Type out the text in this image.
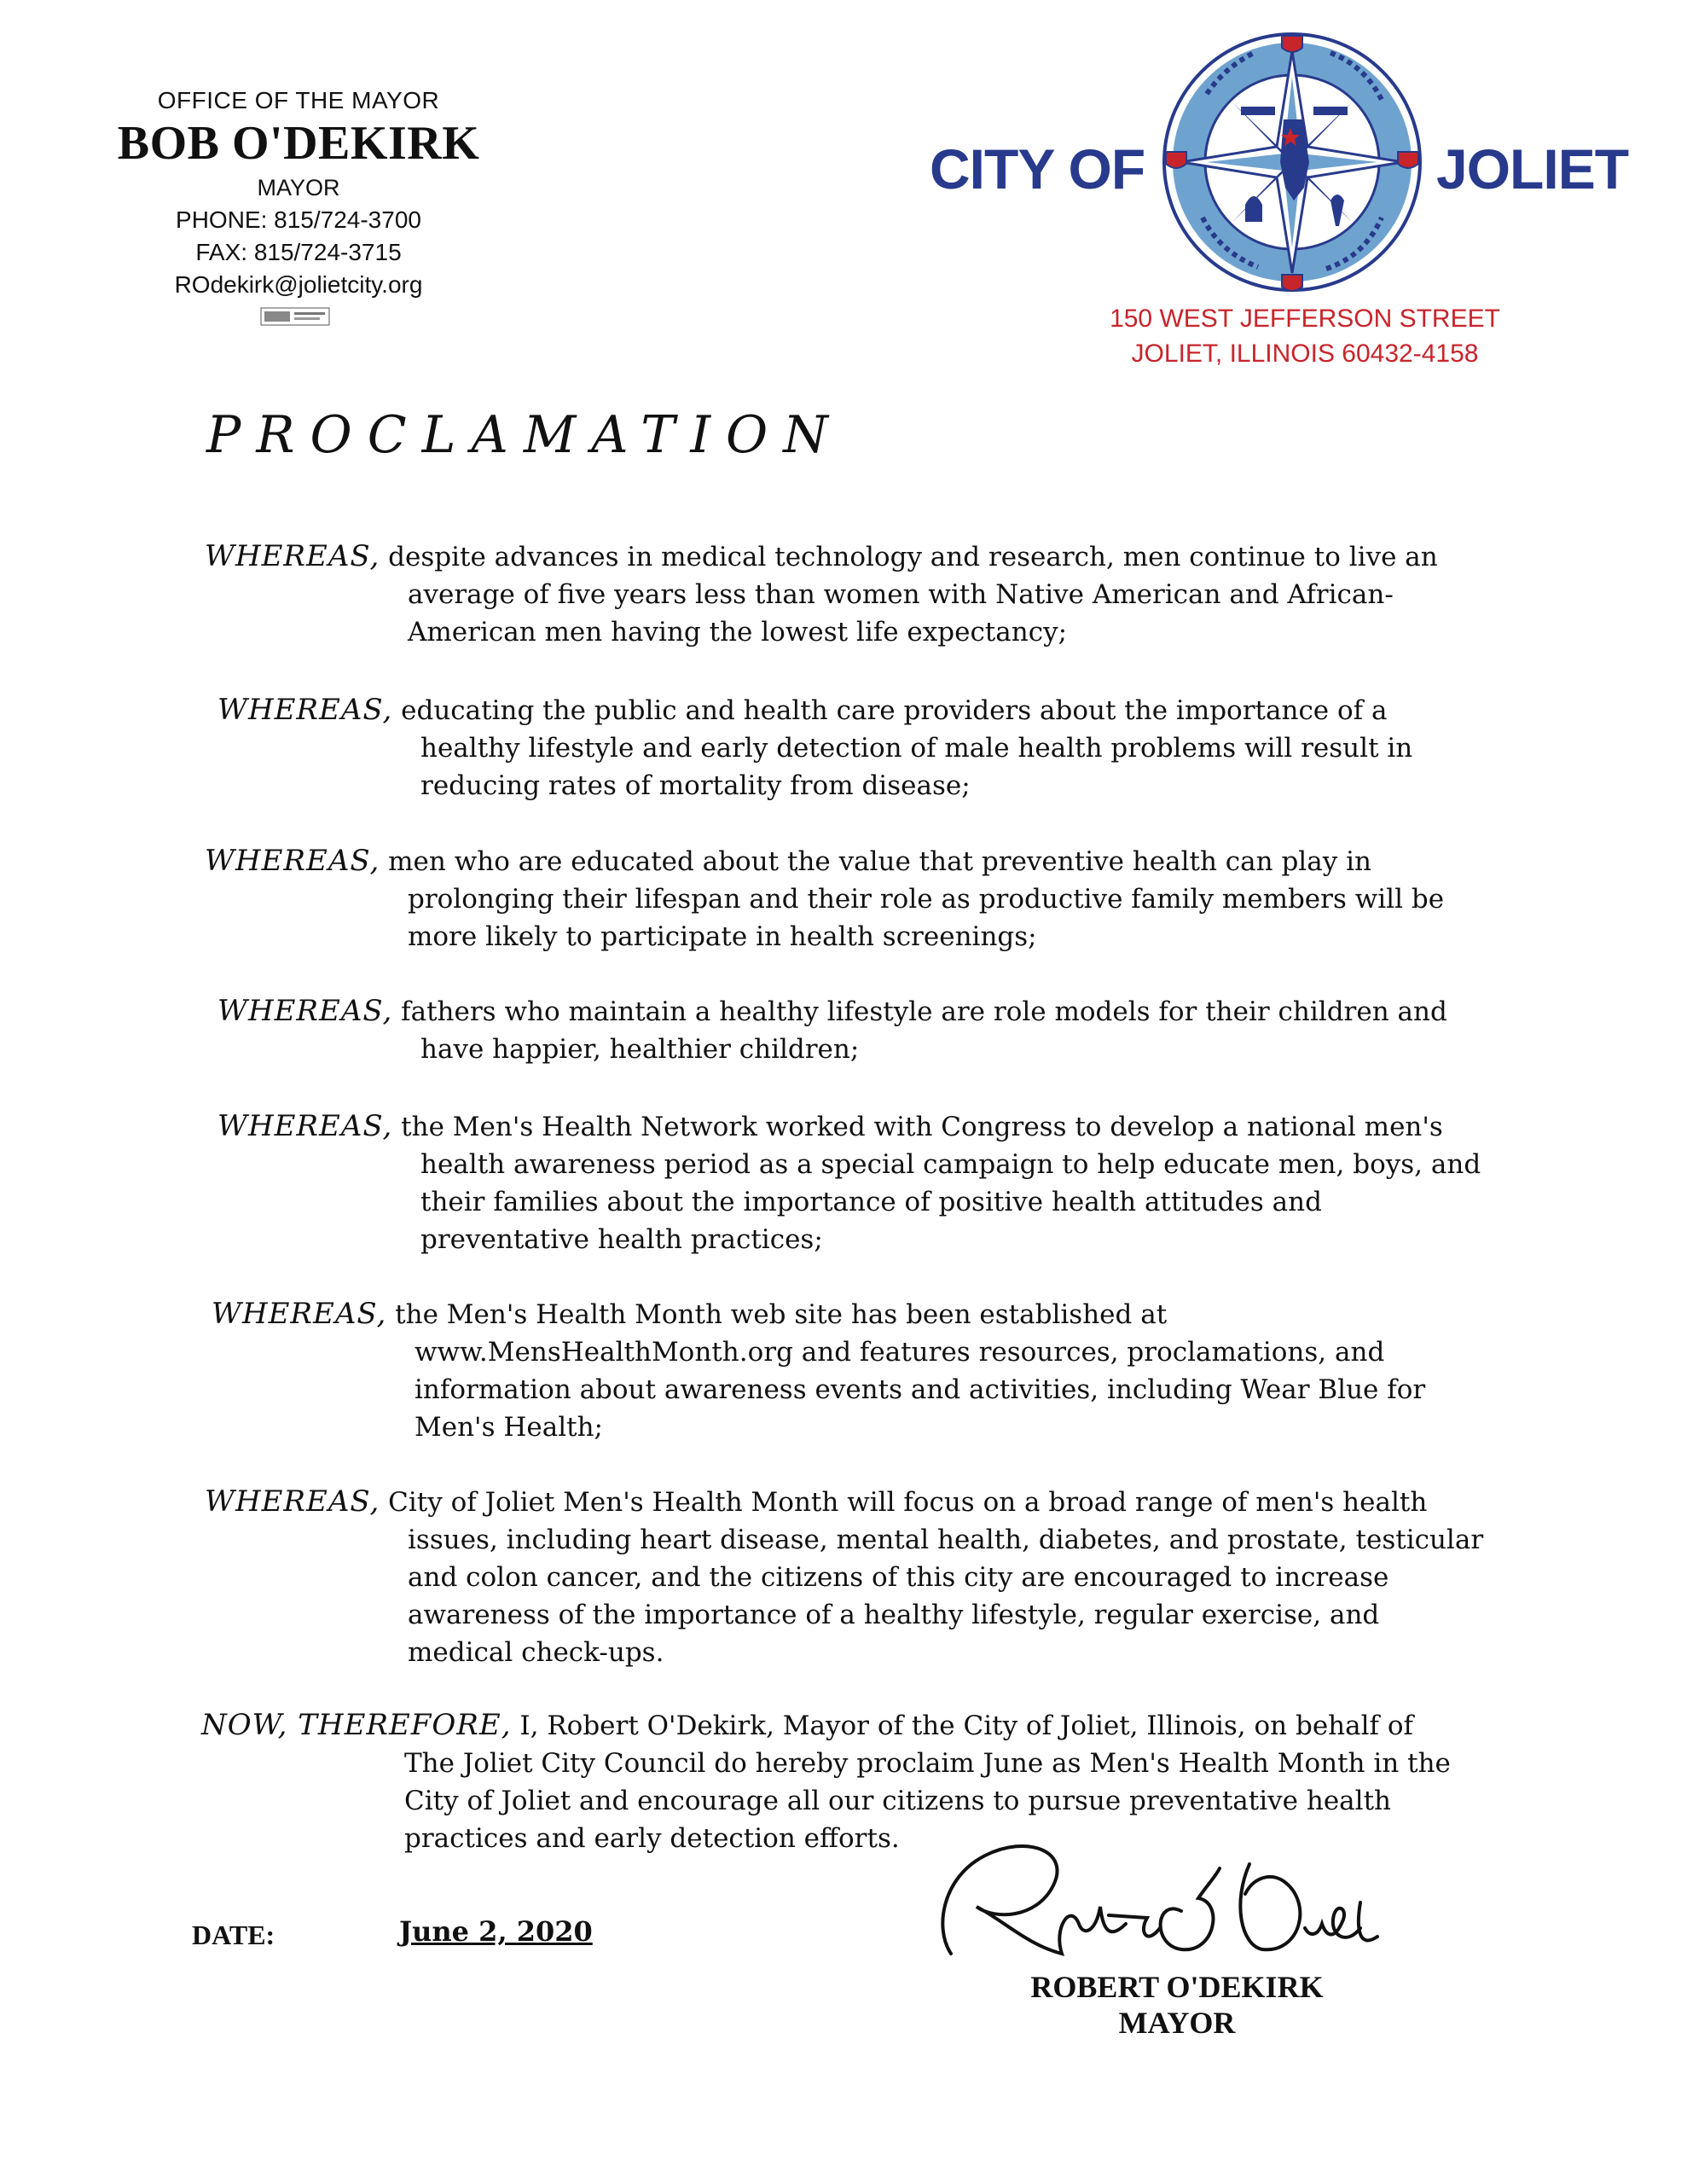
OFFICE OF THE MAYOR
BOB O'DEKIRK
MAYOR
PHONE: 815/724-3700
FAX: 815/724-3715
ROdekirk@jolietcity.org
CITY OF	JOLIET
150 WEST JEFFERSON STREET
JOLIET, ILLINOIS 60432-4158
PROCLAMATION
WHEREAS, despite advances in medical technology and research, men continue to live an
average of five years less than women with Native American and African-
American men having the lowest life expectancy;
WHEREAS, educating the public and health care providers about the importance of a
healthy lifestyle and early detection of male health problems will result in
reducing rates of mortality from disease;
WHEREAS, men who are educated about the value that preventive health can play in
prolonging their lifespan and their role as productive family members will be
more likely to participate in health screenings;
WHEREAS, fathers who maintain a healthy lifestyle are role models for their children and
have happier, healthier children;
WHEREAS, the Men's Health Network worked with Congress to develop a national men's
health awareness period as a special campaign to help educate men, boys, and
their families about the importance of positive health attitudes and
preventative health practices;
WHEREAS, the Men's Health Month web site has been established at
www.MensHealthMonth.org and features resources, proclamations, and
information about awareness events and activities, including Wear Blue for
Men's Health;
WHEREAS, City of Joliet Men's Health Month will focus on a broad range of men's health
issues, including heart disease, mental health, diabetes, and prostate, testicular
and colon cancer, and the citizens of this city are encouraged to increase
awareness of the importance of a healthy lifestyle, regular exercise, and
medical check-ups.
NOW, THEREFORE, I, Robert O'Dekirk, Mayor of the City of Joliet, Illinois, on behalf of
The Joliet City Council do hereby proclaim June as Men's Health Month in the
City of Joliet and encourage all our citizens to pursue preventative health
practices and early detection efforts.
DATE:	June 2, 2020
ROBERT O'DEKIRK
MAYOR
